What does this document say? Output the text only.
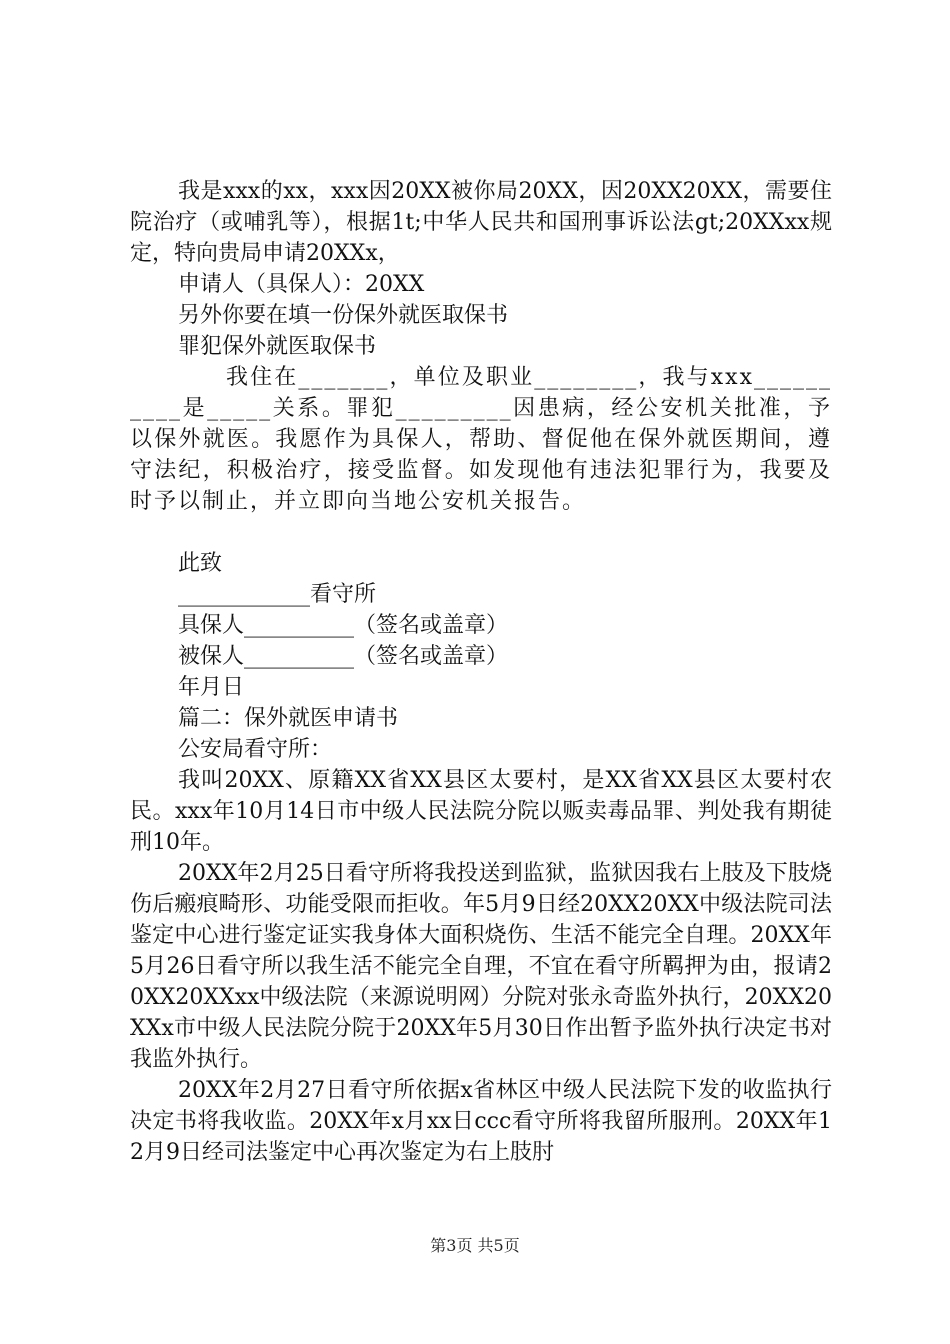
我是xxx的xx，xxx因20XX被你局20XX，因20XX20XX，需要住院治疗（或哺乳等），根据1t;中华人民共和国刑事诉讼法gt;20XXxx规定，特向贵局申请20XXx，

申请人（具保人）：20XX

另外你要在填一份保外就医取保书

罪犯保外就医取保书

我住在_______，单位及职业________，我与xxx__________是_____关系。罪犯_________因患病，经公安机关批准，予以保外就医。我愿作为具保人，帮助、督促他在保外就医期间，遵守法纪，积极治疗，接受监督。如发现他有违法犯罪行为，我要及时予以制止，并立即向当地公安机关报告。

此致

____________看守所

具保人__________（签名或盖章）

被保人__________（签名或盖章）

年月日

篇二：保外就医申请书

公安局看守所：

我叫20XX、原籍XX省XX县区太要村，是XX省XX县区太要村农民。xxx年10月14日市中级人民法院分院以贩卖毒品罪、判处我有期徒刑10年。

20XX年2月25日看守所将我投送到监狱，监狱因我右上肢及下肢烧伤后瘢痕畸形、功能受限而拒收。年5月9日经20XX20XX中级法院司法鉴定中心进行鉴定证实我身体大面积烧伤、生活不能完全自理。20XX年5月26日看守所以我生活不能完全自理，不宜在看守所羁押为由，报请20XX20XXxx中级法院（来源说明网）分院对张永奇监外执行，20XX20XXx市中级人民法院分院于20XX年5月30日作出暂予监外执行决定书对我监外执行。

20XX年2月27日看守所依据x省林区中级人民法院下发的收监执行决定书将我收监。20XX年x月xx日ccc看守所将我留所服刑。20XX年12月9日经司法鉴定中心再次鉴定为右上肢肘

第3页 共5页
